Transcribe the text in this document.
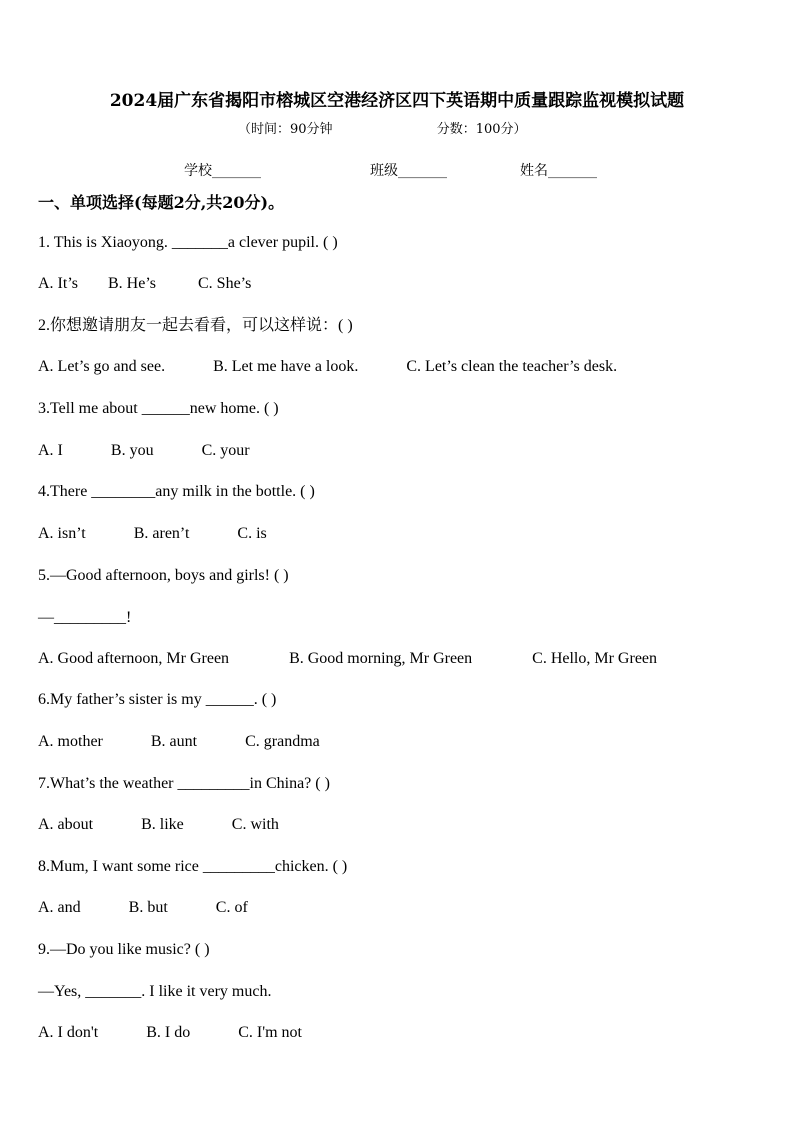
2024届广东省揭阳市榕城区空港经济区四下英语期中质量跟踪监视模拟试题
（时间：90分钟	分数：100分）
学校_______	班级_______	姓名_______
一、单项选择(每题2分,共20分)。
1. This is Xiaoyong. _______a clever pupil. ( )
A. It’s B. He’s	C. She’s
2.你想邀请朋友一起去看看，可以这样说：( )
A. Let’s go and see.	B. Let me have a look.	C. Let’s clean the teacher’s desk.
3.Tell me about ______new home. ( )
A. I	B. you	C. your
4.There ________any milk in the bottle. ( )
A. isn’t	B. aren’t	C. is
5.—Good afternoon, boys and girls! ( )
—_________!
A. Good afternoon, Mr Green	B. Good morning, Mr Green	C. Hello, Mr Green
6.My father’s sister is my ______. ( )
A. mother	B. aunt	C. grandma
7.What’s the weather _________in China? ( )
A. about	B. like	C. with
8.Mum, I want some rice _________chicken. ( )
A. and	B. but	C. of
9.—Do you like music? ( )
—Yes, _______. I like it very much.
A. I don't	B. I do	C. I'm not
